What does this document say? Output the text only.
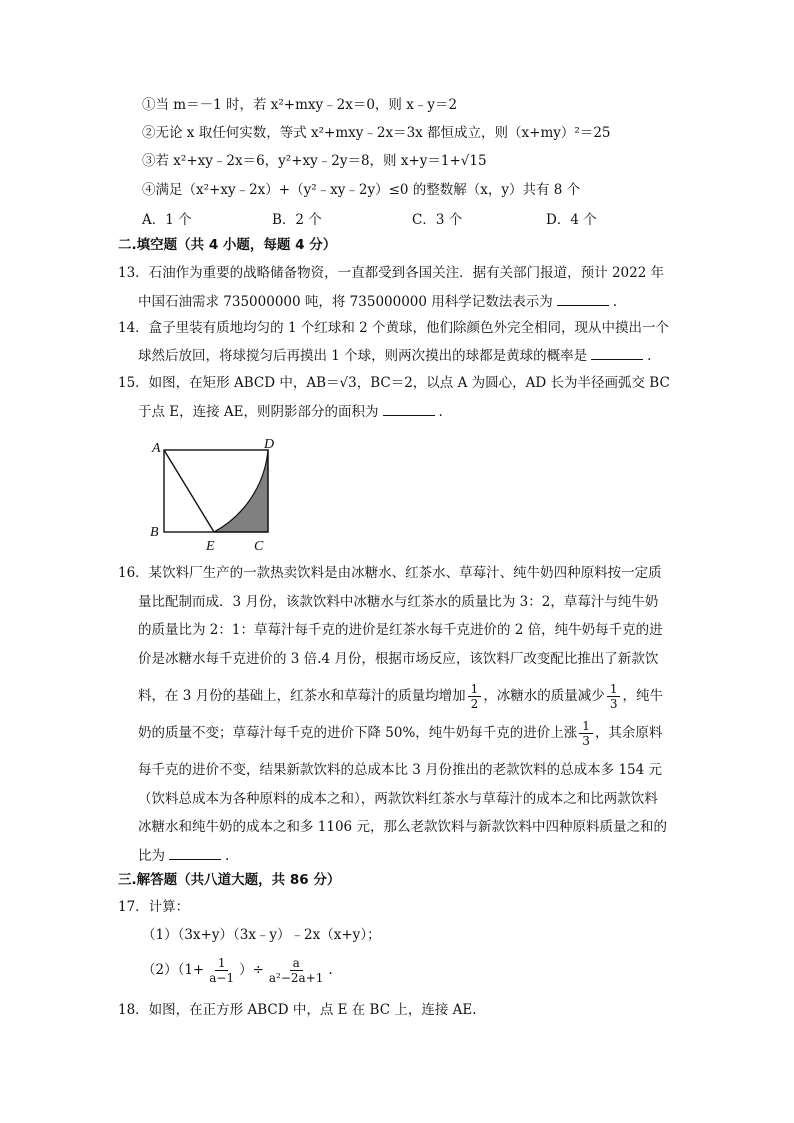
①当 m＝－1 时，若 x²+mxy﹣2x＝0，则 x﹣y＝2
②无论 x 取任何实数，等式 x²+mxy﹣2x＝3x 都恒成立，则（x+my）²＝25
③若 x²+xy﹣2x＝6，y²+xy﹣2y＝8，则 x+y＝1+√15
④满足（x²+xy﹣2x）+（y²﹣xy﹣2y）≤0 的整数解（x，y）共有 8 个
A．1 个	B．2 个	C．3 个	D．4 个
二.填空题（共 4 小题，每题 4 分）
13．石油作为重要的战略储备物资，一直都受到各国关注．据有关部门报道，预计 2022 年
中国石油需求 735000000 吨，将 735000000 用科学记数法表示为	.
14．盒子里装有质地均匀的 1 个红球和 2 个黄球，他们除颜色外完全相同，现从中摸出一个
球然后放回，将球搅匀后再摸出 1 个球，则两次摸出的球都是黄球的概率是	.
15．如图，在矩形 ABCD 中，AB＝√3，BC＝2，以点 A 为圆心，AD 长为半径画弧交 BC
于点 E，连接 AE，则阴影部分的面积为	.
A	D
B
E	C
16．某饮料厂生产的一款热卖饮料是由冰糖水、红茶水、草莓汁、纯牛奶四种原料按一定质
量比配制而成．3 月份，该款饮料中冰糖水与红茶水的质量比为 3：2，草莓汁与纯牛奶
的质量比为 2：1：草莓汁每千克的进价是红茶水每千克进价的 2 倍，纯牛奶每千克的进
价是冰糖水每千克进价的 3 倍.4 月份，根据市场反应，该饮料厂改变配比推出了新款饮
料，在 3 月份的基础上，红茶水和草莓汁的质量均增加 $\frac{1}{2}$ ，冰糖水的质量减少 $\frac{1}{3}$ ，纯牛
奶的质量不变；草莓汁每千克的进价下降 50%，纯牛奶每千克的进价上涨 $\frac{1}{3}$ ，其余原料
每千克的进价不变，结果新款饮料的总成本比 3 月份推出的老款饮料的总成本多 154 元
（饮料总成本为各种原料的成本之和），两款饮料红茶水与草莓汁的成本之和比两款饮料
冰糖水和纯牛奶的成本之和多 1106 元，那么老款饮料与新款饮料中四种原料质量之和的
比为	.
三.解答题（共八道大题，共 86 分）
17．计算：
（1）（3x+y）（3x﹣y）﹣2x（x+y）；
$(2)(1+ \frac{1}{a-1}$ ）÷ $\frac{a}{\text{a²−2a+1}}$ .
18．如图，在正方形 ABCD 中，点 E 在 BC 上，连接 AE.
